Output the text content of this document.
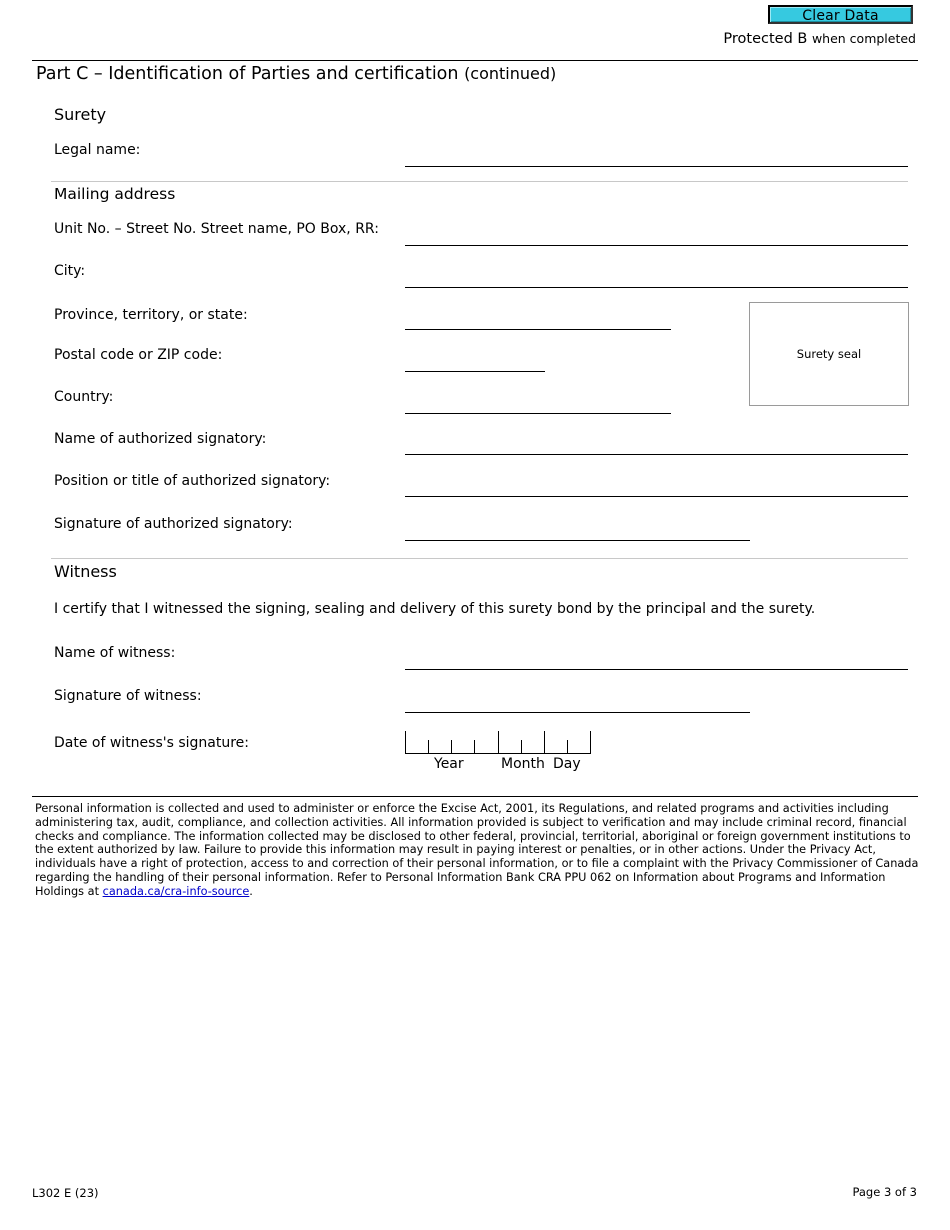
Clear Data
Protected B when completed
Part C – Identification of Parties and certification (continued)
Surety
Legal name:
Mailing address
Unit No. – Street No. Street name, PO Box, RR:
City:
Province, territory, or state:
Postal code or ZIP code:
Country:
Surety seal
Name of authorized signatory:
Position or title of authorized signatory:
Signature of authorized signatory:
Witness
I certify that I witnessed the signing, sealing and delivery of this surety bond by the principal and the surety.
Name of witness:
Signature of witness:
Date of witness's signature:
Year	Month Day
Personal information is collected and used to administer or enforce the Excise Act, 2001, its Regulations, and related programs and activities including administering tax, audit, compliance, and collection activities. All information provided is subject to verification and may include criminal record, financial checks and compliance. The information collected may be disclosed to other federal, provincial, territorial, aboriginal or foreign government institutions to the extent authorized by law. Failure to provide this information may result in paying interest or penalties, or in other actions. Under the Privacy Act, individuals have a right of protection, access to and correction of their personal information, or to file a complaint with the Privacy Commissioner of Canada regarding the handling of their personal information. Refer to Personal Information Bank CRA PPU 062 on Information about Programs and Information Holdings at canada.ca/cra-info-source.
L302 E (23)	Page 3 of 3
